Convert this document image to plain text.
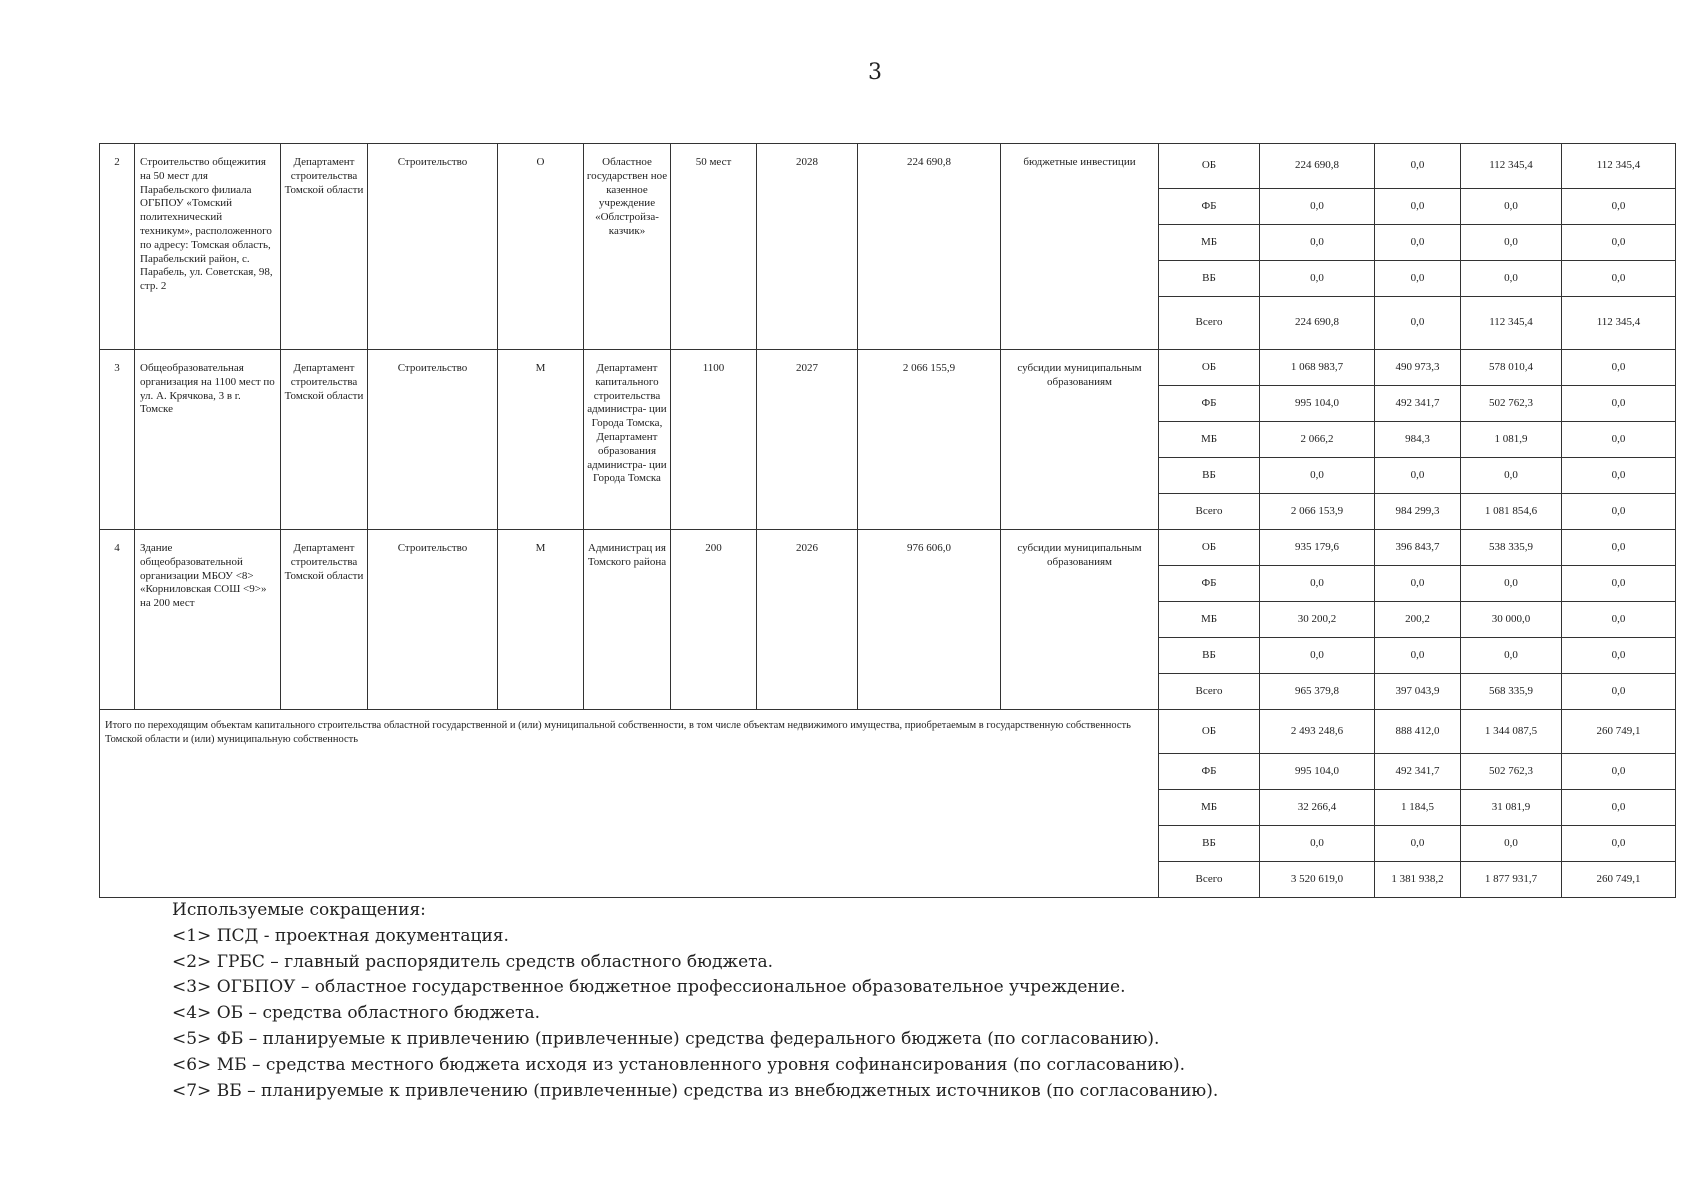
3
2	Строительство общежития на 50 мест для Парабельского филиала ОГБПОУ «Томский политехнический техникум», расположенного по адресу: Томская область, Парабельский район, с. Парабель, ул. Советская, 98, стр. 2	Департамент строительства Томской области	Строительство	О	Областное государствен ное казенное учреждение «Облстройза- казчик»	50 мест	2028	224 690,8	бюджетные инвестиции	ОБ	224 690,8	0,0	112 345,4	112 345,4
										ФБ	0,0	0,0	0,0	0,0
										МБ	0,0	0,0	0,0	0,0
										ВБ	0,0	0,0	0,0	0,0
										Всего	224 690,8	0,0	112 345,4	112 345,4
3	Общеобразовательная организация на 1100 мест по ул. А. Крячкова, 3 в г. Томске	Департамент строительства Томской области	Строительство	М	Департамент капитального строительства администра- ции Города Томска, Департамент образования администра- ции Города Томска	1100	2027	2 066 155,9	субсидии муниципальным образованиям	ОБ	1 068 983,7	490 973,3	578 010,4	0,0
										ФБ	995 104,0	492 341,7	502 762,3	0,0
										МБ	2 066,2	984,3	1 081,9	0,0
										ВБ	0,0	0,0	0,0	0,0
										Всего	2 066 153,9	984 299,3	1 081 854,6	0,0
4	Здание общеобразовательной организации МБОУ <8> «Корниловская СОШ <9>» на 200 мест	Департамент строительства Томской области	Строительство	М	Администрац ия Томского района	200	2026	976 606,0	субсидии муниципальным образованиям	ОБ	935 179,6	396 843,7	538 335,9	0,0
										ФБ	0,0	0,0	0,0	0,0
										МБ	30 200,2	200,2	30 000,0	0,0
										ВБ	0,0	0,0	0,0	0,0
										Всего	965 379,8	397 043,9	568 335,9	0,0
Итого по переходящим объектам капитального строительства областной государственной и (или) муниципальной собственности, в том числе объектам недвижимого имущества, приобретаемым в государственную собственность Томской области и (или) муниципальную собственность										ОБ	2 493 248,6	888 412,0	1 344 087,5	260 749,1
										ФБ	995 104,0	492 341,7	502 762,3	0,0
										МБ	32 266,4	1 184,5	31 081,9	0,0
										ВБ	0,0	0,0	0,0	0,0
										Всего	3 520 619,0	1 381 938,2	1 877 931,7	260 749,1
Используемые сокращения:
<1> ПСД - проектная документация.
<2> ГРБС – главный распорядитель средств областного бюджета.
<3> ОГБПОУ – областное государственное бюджетное профессиональное образовательное учреждение.
<4> ОБ – средства областного бюджета.
<5> ФБ – планируемые к привлечению (привлеченные) средства федерального бюджета (по согласованию).
<6> МБ – средства местного бюджета исходя из установленного уровня софинансирования (по согласованию).
<7> ВБ – планируемые к привлечению (привлеченные) средства из внебюджетных источников (по согласованию).
